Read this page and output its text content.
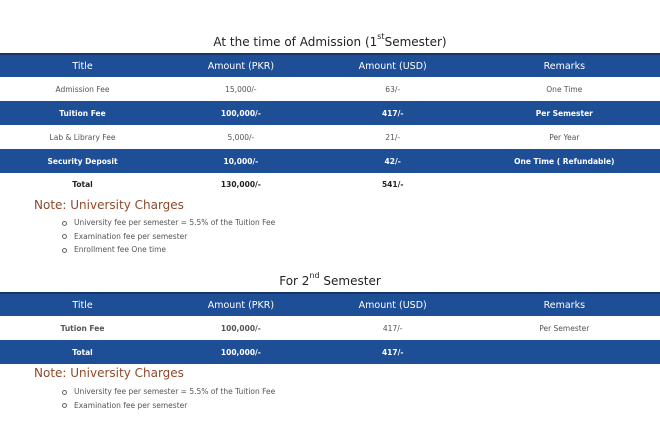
At the time of Admission (1stSemester)
Title	Amount (PKR)	Amount (USD)	Remarks
Admission Fee	15,000/-	63/-	One Time
Tuition Fee	100,000/-	417/-	Per Semester
Lab & Library Fee	5,000/-	21/-	Per Year
Security Deposit	10,000/-	42/-	One Time ( Refundable)
Total	130,000/-	541/-	
Note: University Charges
University fee per semester = 5.5% of the Tuition Fee
Examination fee per semester
Enrollment fee One time
For 2nd Semester
Title	Amount (PKR)	Amount (USD)	Remarks
Tution Fee	100,000/-	417/-	Per Semester
Total	100,000/-	417/-	
Note: University Charges
University fee per semester = 5.5% of the Tuition Fee
Examination fee per semester
